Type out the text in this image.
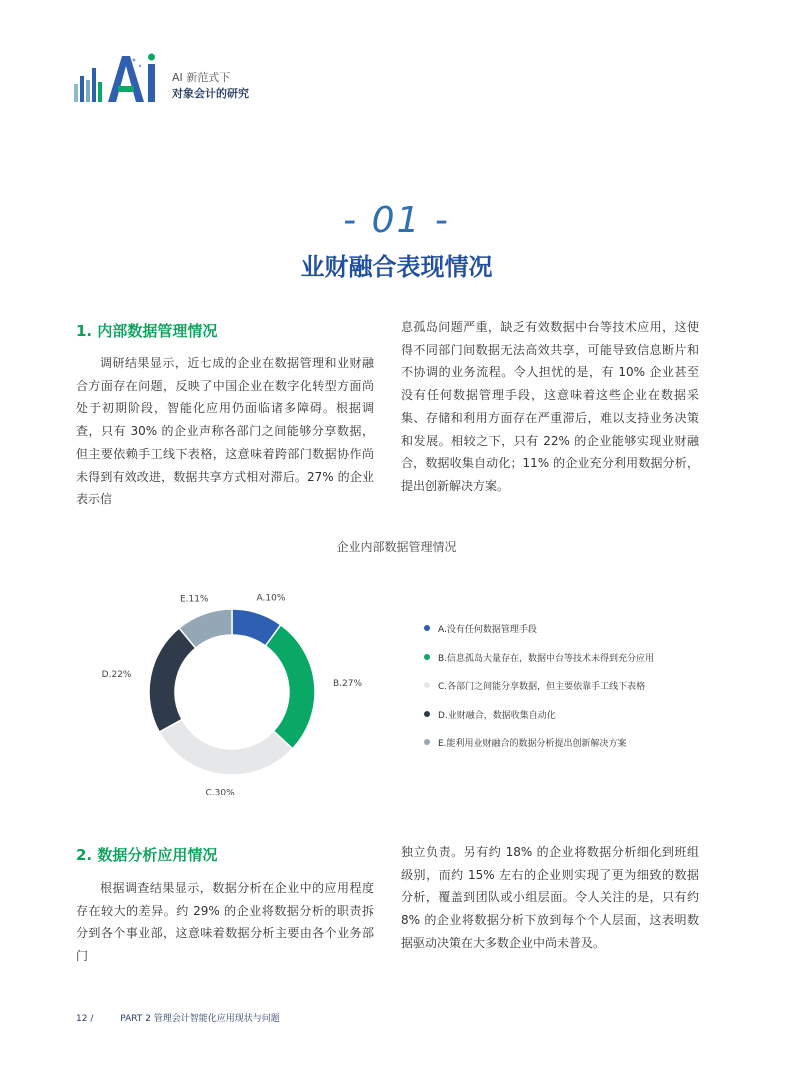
AI 新范式下
对象会计的研究
- 01 -
业财融合表现情况
1. 内部数据管理情况

调研结果显示，近七成的企业在数据管理和业财融合方面存在问题，反映了中国企业在数字化转型方面尚处于初期阶段，智能化应用仍面临诸多障碍。根据调查，只有 30% 的企业声称各部门之间能够分享数据，但主要依赖手工线下表格，这意味着跨部门数据协作尚未得到有效改进，数据共享方式相对滞后。27% 的企业表示信

息孤岛问题严重，缺乏有效数据中台等技术应用，这使得不同部门间数据无法高效共享，可能导致信息断片和不协调的业务流程。令人担忧的是，有 10% 企业甚至没有任何数据管理手段，这意味着这些企业在数据采集、存储和利用方面存在严重滞后，难以支持业务决策和发展。相较之下，只有 22% 的企业能够实现业财融合，数据收集自动化；11% 的企业充分利用数据分析，提出创新解决方案。

企业内部数据管理情况
A.10%
B.27%
C.30%
D.22%
E.11%
A.没有任何数据管理手段
B.信息孤岛大量存在，数据中台等技术未得到充分应用
C.各部门之间能分享数据，但主要依靠手工线下表格
D.业财融合，数据收集自动化
E.能利用业财融合的数据分析提出创新解决方案
2. 数据分析应用情况

根据调查结果显示，数据分析在企业中的应用程度存在较大的差异。约 29% 的企业将数据分析的职责拆分到各个事业部，这意味着数据分析主要由各个业务部门

独立负责。另有约 18% 的企业将数据分析细化到班组级别，而约 15% 左右的企业则实现了更为细致的数据分析，覆盖到团队或小组层面。令人关注的是，只有约 8% 的企业将数据分析下放到每个个人层面，这表明数据驱动决策在大多数企业中尚未普及。

12 /	PART 2 管理会计智能化应用现状与问题
